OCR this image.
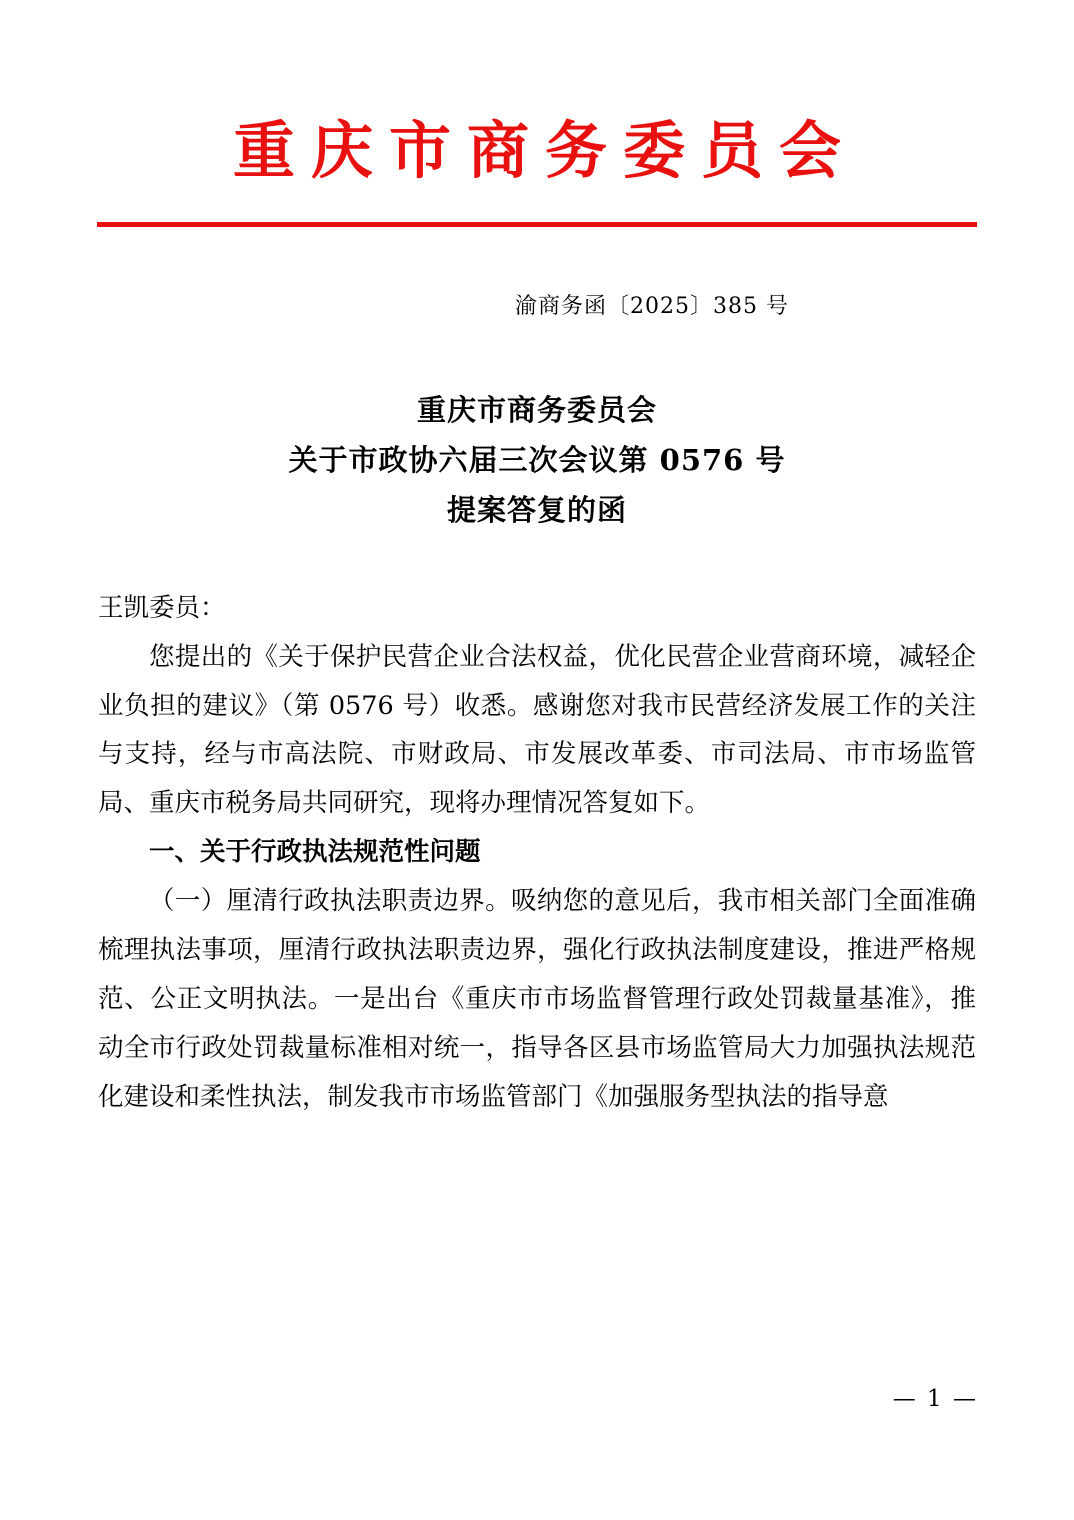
重庆市商务委员会
渝商务函〔2025〕385 号
重庆市商务委员会
关于市政协六届三次会议第 0576 号
提案答复的函

王凯委员：

您提出的《关于保护民营企业合法权益，优化民营企业营商环境，减轻企业负担的建议》（第 0576 号）收悉。感谢您对我市民营经济发展工作的关注与支持，经与市高法院、市财政局、市发展改革委、市司法局、市市场监管局、重庆市税务局共同研究，现将办理情况答复如下。

一、关于行政执法规范性问题

（一）厘清行政执法职责边界。吸纳您的意见后，我市相关部门全面准确梳理执法事项，厘清行政执法职责边界，强化行政执法制度建设，推进严格规范、公正文明执法。一是出台《重庆市市场监督管理行政处罚裁量基准》，推动全市行政处罚裁量标准相对统一，指导各区县市场监管局大力加强执法规范化建设和柔性执法，制发我市市场监管部门《加强服务型执法的指导意

— 1 —
